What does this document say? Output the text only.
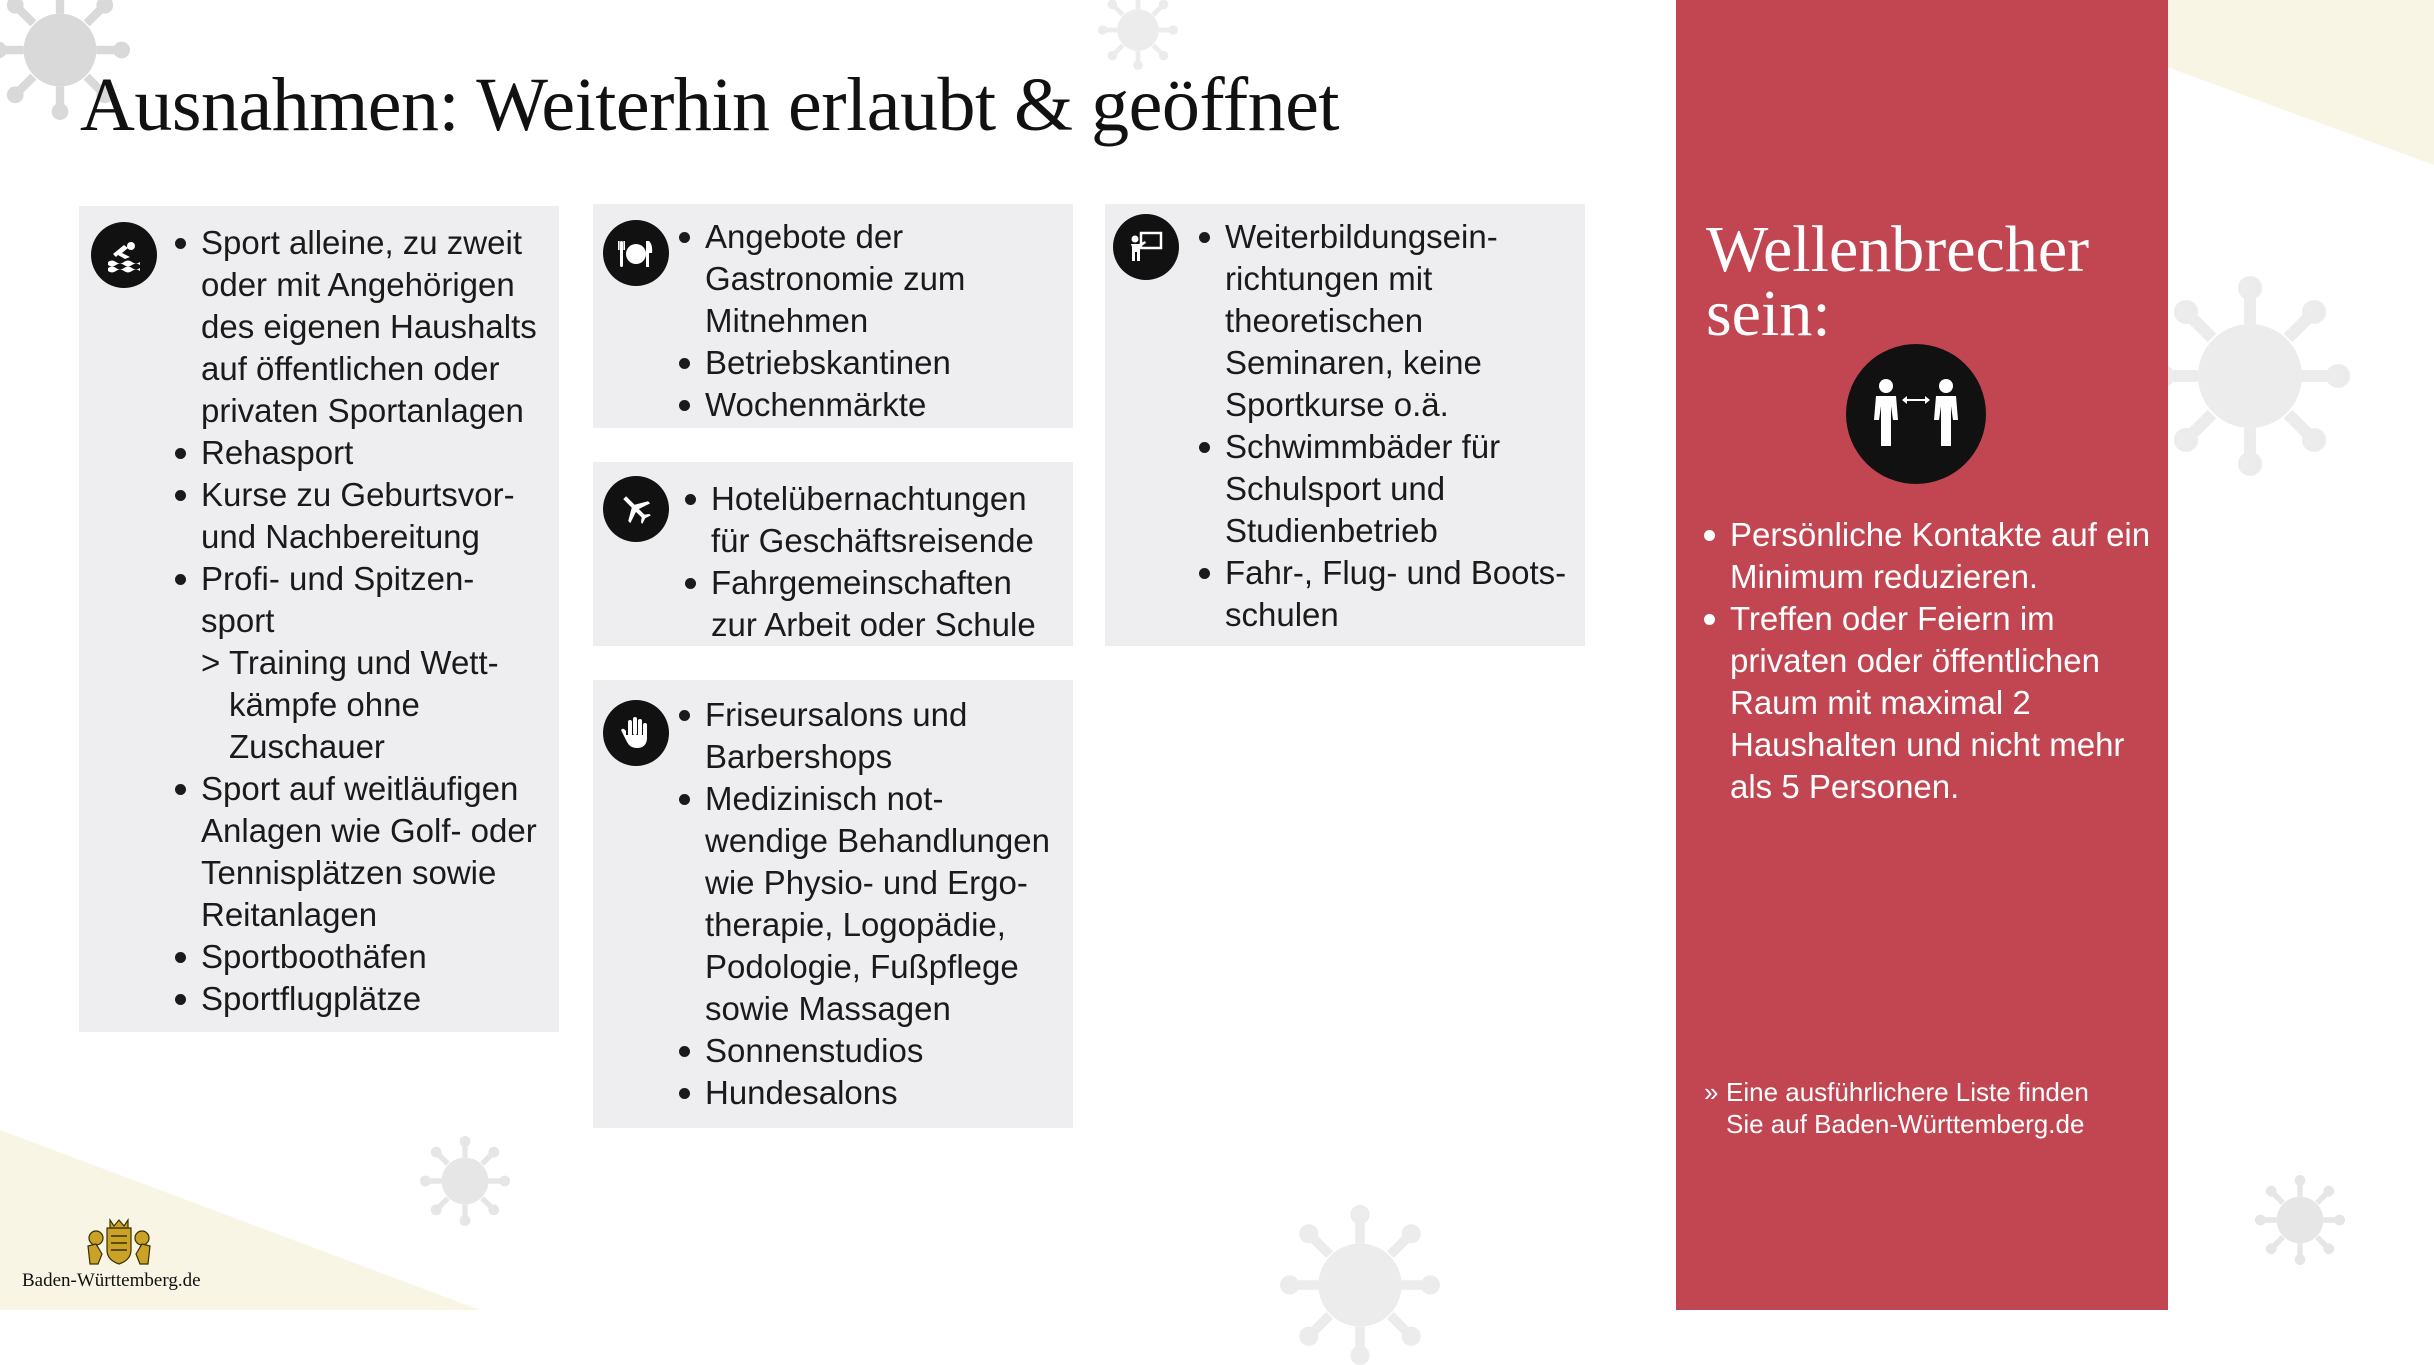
Ausnahmen: Weiterhin erlaubt & geöffnet
Sport alleine, zu zweit oder mit Angehörigen des eigenen Haushalts auf öffentlichen oder privaten Sportanlagen
Rehasport
Kurse zu Geburtsvor- und Nachbereitung
Profi- und Spitzen- sport
> Training und Wett- kämpfe ohne Zuschauer
Sport auf weitläufigen Anlagen wie Golf- oder Tennisplätzen sowie Reitanlagen
Sportboothäfen
Sportflugplätze
Angebote der Gastronomie zum Mitnehmen
Betriebskantinen
Wochenmärkte
Hotelübernachtungen für Geschäftsreisende
Fahrgemeinschaften zur Arbeit oder Schule
Friseursalons und Barbershops
Medizinisch not- wendige Behandlungen wie Physio- und Ergo- therapie, Logopädie, Podologie, Fußpflege sowie Massagen
Sonnenstudios
Hundesalons
Weiterbildungsein- richtungen mit theoretischen Seminaren, keine Sportkurse o.ä.
Schwimmbäder für Schulsport und Studienbetrieb
Fahr-, Flug- und Boots- schulen
Wellenbrecher sein:
Persönliche Kontakte auf ein Minimum reduzieren.
Treffen oder Feiern im privaten oder öffentlichen Raum mit maximal 2 Haushalten und nicht mehr als 5 Personen.
» Eine ausführlichere Liste finden Sie auf Baden-Württemberg.de
Baden-Württemberg.de
